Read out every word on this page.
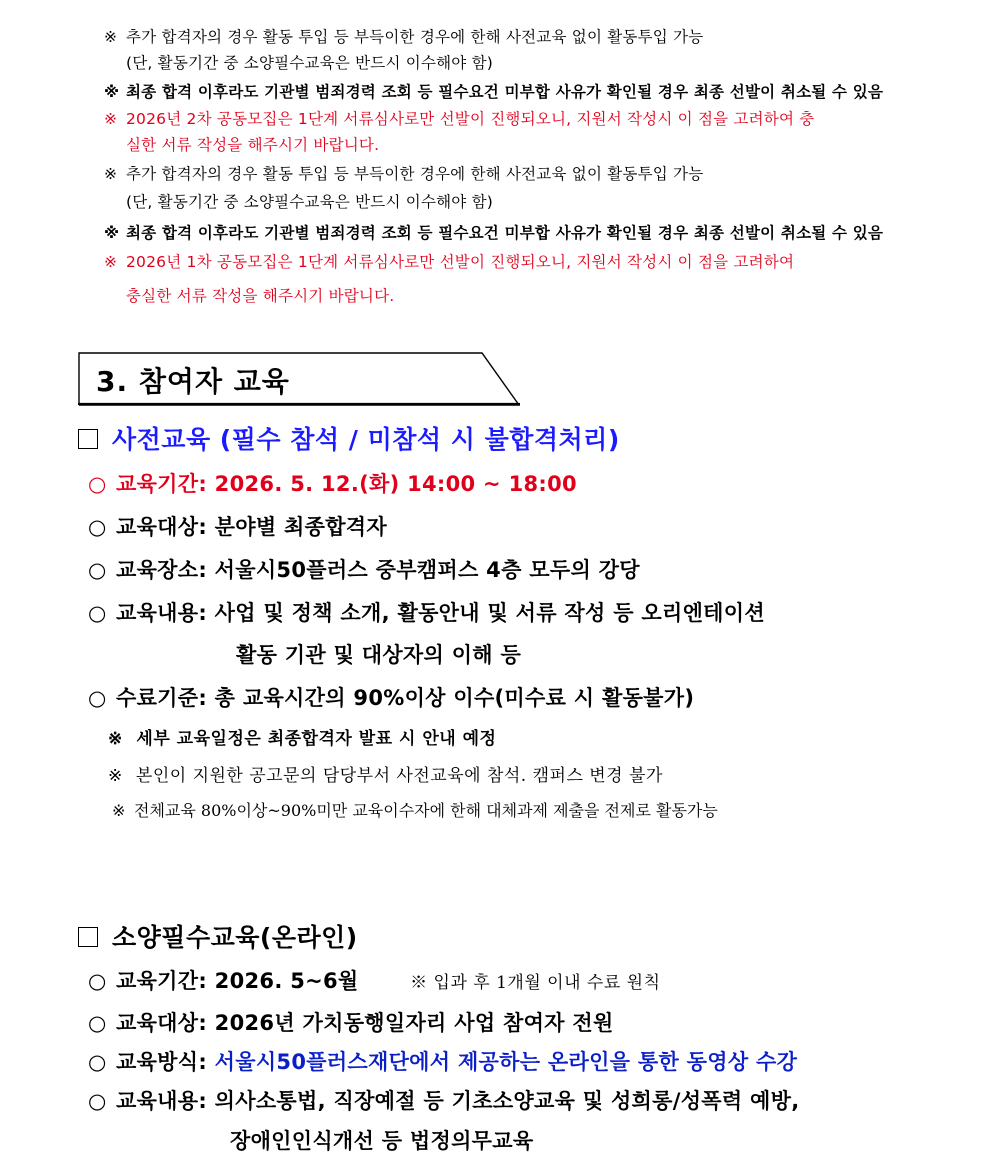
※ 추가 합격자의 경우 활동 투입 등 부득이한 경우에 한해 사전교육 없이 활동투입 가능
(단, 활동기간 중 소양필수교육은 반드시 이수해야 함)
※ 최종 합격 이후라도 기관별 범죄경력 조회 등 필수요건 미부합 사유가 확인될 경우 최종 선발이 취소될 수 있음
※ 2026년 2차 공동모집은 1단계 서류심사로만 선발이 진행되오니, 지원서 작성시 이 점을 고려하여 충
실한 서류 작성을 해주시기 바랍니다.
※ 추가 합격자의 경우 활동 투입 등 부득이한 경우에 한해 사전교육 없이 활동투입 가능
(단, 활동기간 중 소양필수교육은 반드시 이수해야 함)
※ 최종 합격 이후라도 기관별 범죄경력 조회 등 필수요건 미부합 사유가 확인될 경우 최종 선발이 취소될 수 있음
※ 2026년 1차 공동모집은 1단계 서류심사로만 선발이 진행되오니, 지원서 작성시 이 점을 고려하여
충실한 서류 작성을 해주시기 바랍니다.
3. 참여자 교육
사전교육 (필수 참석 / 미참석 시 불합격처리)
○ 교육기간: 2026. 5. 12.(화) 14:00 ~ 18:00
○ 교육대상: 분야별 최종합격자
○ 교육장소: 서울시50플러스 중부캠퍼스 4층 모두의 강당
○ 교육내용: 사업 및 정책 소개, 활동안내 및 서류 작성 등 오리엔테이션
활동 기관 및 대상자의 이해 등
○ 수료기준: 총 교육시간의 90%이상 이수(미수료 시 활동불가)
※ 세부 교육일정은 최종합격자 발표 시 안내 예정
※ 본인이 지원한 공고문의 담당부서 사전교육에 참석. 캠퍼스 변경 불가
※ 전체교육 80%이상~90%미만 교육이수자에 한해 대체과제 제출을 전제로 활동가능
소양필수교육(온라인)
○ 교육기간: 2026. 5~6월	※ 입과 후 1개월 이내 수료 원칙
○ 교육대상: 2026년 가치동행일자리 사업 참여자 전원
○ 교육방식: 서울시50플러스재단에서 제공하는 온라인을 통한 동영상 수강
○ 교육내용: 의사소통법, 직장예절 등 기초소양교육 및 성희롱/성폭력 예방,
장애인인식개선 등 법정의무교육
